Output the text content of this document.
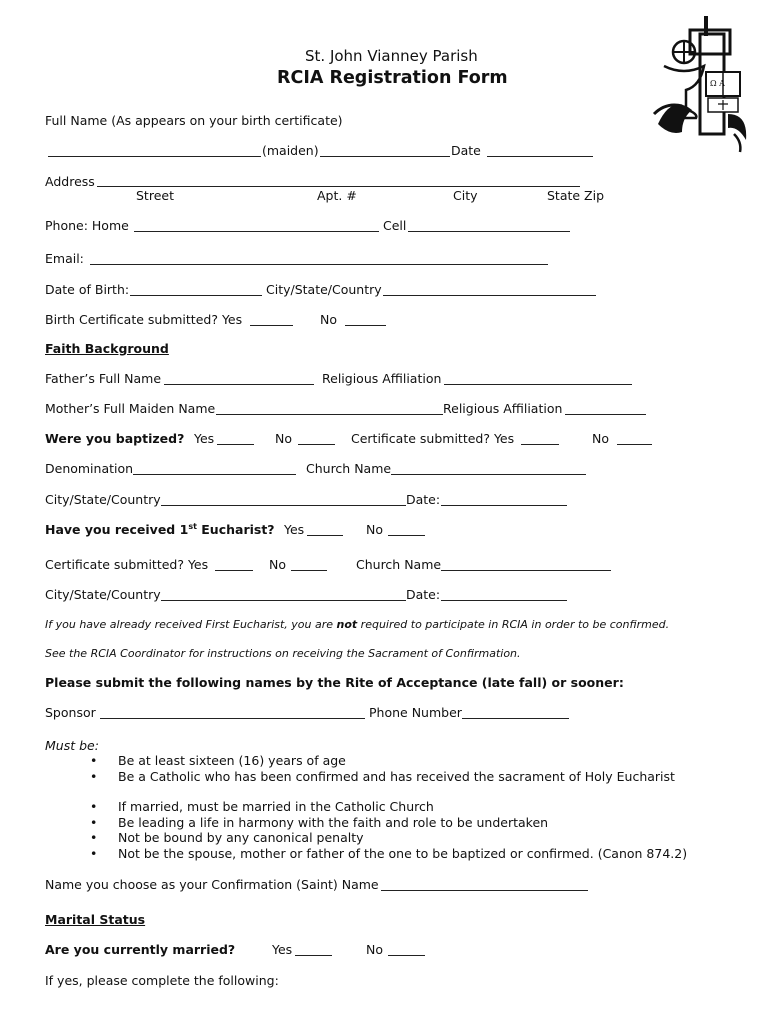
St. John Vianney Parish
RCIA Registration Form	Ω A
Full Name (As appears on your birth certificate)
(maiden)	Date
Address
Street	Apt. #	City	State Zip
Phone: Home	Cell
Email:
Date of Birth:	City/State/Country
Birth Certificate submitted? Yes	No
Faith Background
Father’s Full Name	Religious Affiliation
Mother’s Full Maiden Name	Religious Affiliation
Were you baptized? Yes	No	Certificate submitted? Yes	No
Denomination	Church Name
City/State/Country	Date:
Have you received 1st Eucharist? Yes	No
Certificate submitted? Yes	No	Church Name
City/State/Country	Date:
If you have already received First Eucharist, you are not required to participate in RCIA in order to be confirmed.
See the RCIA Coordinator for instructions on receiving the Sacrament of Confirmation.
Please submit the following names by the Rite of Acceptance (late fall) or sooner:
Sponsor	Phone Number
Must be:
• Be at least sixteen (16) years of age
• Be a Catholic who has been confirmed and has received the sacrament of Holy Eucharist
• If married, must be married in the Catholic Church
• Be leading a life in harmony with the faith and role to be undertaken
• Not be bound by any canonical penalty
• Not be the spouse, mother or father of the one to be baptized or confirmed. (Canon 874.2)
Name you choose as your Confirmation (Saint) Name
Marital Status
Are you currently married?	Yes	No
If yes, please complete the following:
